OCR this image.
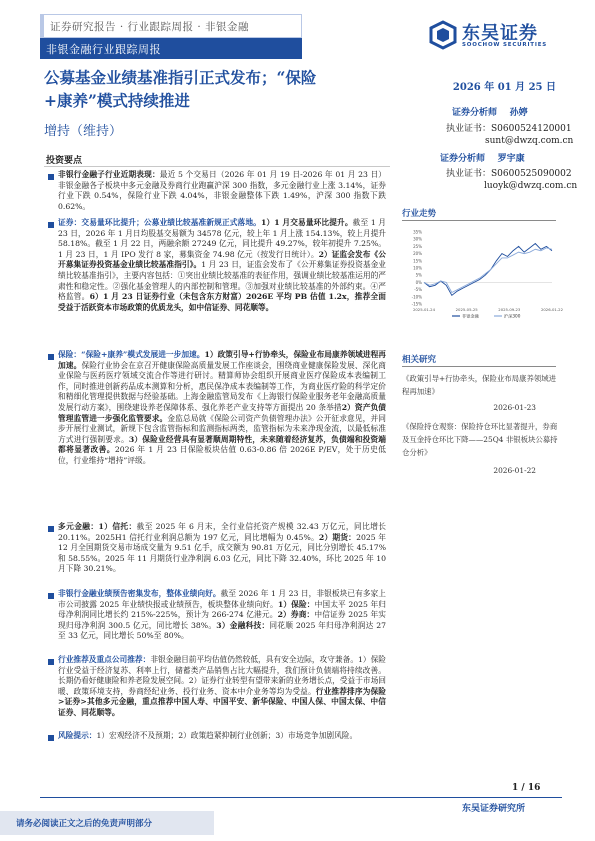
证券研究报告 · 行业跟踪周报 · 非银金融
非银金融行业跟踪周报
东吴证券
SOOCHOW SECURITIES
公募基金业绩基准指引正式发布；“保险+康养”模式持续推进
增持（维持）
2026 年 01 月 25 日
证券分析师 孙婷
执业证书：S0600524120001
sunt@dwzq.com.cn
证券分析师 罗宇康
执业证书：S0600525090002
luoyk@dwzq.com.cn
投资要点
非银行金融子行业近期表现：最近 5 个交易日（2026 年 01 月 19 日-2026 年 01 月 23 日）非银金融各子板块中多元金融及券商行业跑赢沪深 300 指数，多元金融行业上涨 3.14%，证券行业下跌 0.54%，保险行业下跌 4.04%，非银金融整体下跌 1.49%，沪深 300 指数下跌 0.62%。
证券：交易量环比提升；公募业绩比较基准新规正式落地。1）1 月交易量环比提升。截至 1 月 23 日，2026 年 1 月日均股基交易额为 34578 亿元，较上年 1 月上涨 154.13%，较上月提升 58.18%。截至 1 月 22 日，两融余额 27249 亿元，同比提升 49.27%，较年初提升 7.25%。1 月 23 日，1 月 IPO 发行 8 家，募集资金 74.98 亿元（按发行日统计）。2）证监会发布《公开募集证券投资基金业绩比较基准指引》。1 月 23 日，证监会发布了《公开募集证券投资基金业绩比较基准指引》，主要内容包括：①突出业绩比较基准的表征作用，强调业绩比较基准运用的严肃性和稳定性。②强化基金管理人的内部控制和管理。③加强对业绩比较基准的外部约束。④严格监管。6）1 月 23 日证券行业（未包含东方财富）2026E 平均 PB 估值 1.2x，推荐全面受益于活跃资本市场政策的优质龙头，如中信证券、同花顺等。
保险：“保险+康养”模式发展进一步加速。1）政策引导+行协牵头，保险业布局康养领域进程再加速。保险行业协会在京召开健康保险高质量发展工作座谈会，围绕商业健康保险发展、深化商业保险与医药医疗领域交流合作等进行研讨。精算师协会组织开展商业医疗保险成本表编制工作，同时推进创新药品成本测算和分析，惠民保净成本表编制等工作，为商业医疗险的科学定价和精细化管理提供数据与经验基础。上海金融监管局发布《上海银行保险业服务老年金融高质量发展行动方案》，围绕建设养老保障体系、强化养老产业支持等方面提出 20 条举措2）资产负债管理监管进一步强化监管要求。金监总局就《保险公司资产负债管理办法》公开征求意见，并同步开展行业测试，新规下包含监管指标和监测指标两类，监管指标为未来净现金流，以最低标准方式进行强制要求。3）保险业经营具有显著顺周期特性，未来随着经济复苏，负债端和投资端都将显著改善。2026 年 1 月 23 日保险板块估值 0.63-0.86 倍 2026E P/EV，处于历史低位，行业维持“增持”评级。
多元金融：1）信托：截至 2025 年 6 月末，全行业信托资产规模 32.43 万亿元，同比增长 20.11%。2025H1 信托行业利润总额为 197 亿元，同比增幅为 0.45%。2）期货：2025 年 12 月全国期货交易市场成交量为 9.51 亿手，成交额为 90.81 万亿元，同比分别增长 45.17%和 58.55%。2025 年 11 月期货行业净利润 6.03 亿元，同比下降 32.40%，环比 2025 年 10 月下降 30.21%。
非银行金融业绩预告密集发布，整体业绩向好。截至 2026 年 1 月 23 日，非银板块已有多家上市公司披露 2025 年业绩快报或业绩预告，板块整体业绩向好。1）保险：中国太平 2025 年归母净利润同比增长约 215%-225%，预计为 266-274 亿港元。2）券商：中信证券 2025 年实现归母净利润 300.5 亿元，同比增长 38%。3）金融科技：同花顺 2025 年归母净利润达 27 至 33 亿元，同比增长 50%至 80%。
行业推荐及重点公司推荐：非银金融目前平均估值仍然较低，具有安全边际，攻守兼备。1）保险行业受益于经济复苏、利率上行，储蓄类产品销售占比大幅提升，我们预计负债端将持续改善。长期仍看好健康险和养老险发展空间。2）证券行业转型有望带来新的业务增长点，受益于市场回暖、政策环境支持，券商经纪业务、投行业务、资本中介业务等均为受益。行业推荐排序为保险>证券>其他多元金融，重点推荐中国人寿、中国平安、新华保险、中国人保、中国太保、中信证券、同花顺等。
风险提示：1）宏观经济不及预期；2）政策趋紧抑制行业创新；3）市场竞争加剧风险。
行业走势
35%
30%
25%
20%
15%
10%
5%
0%
-5%
-10%
-15%
2025-01-24	2025-05-25	2025-09-23	2026-01-22
非银金融	沪深300
相关研究
《政策引导+行协牵头，保险业布局康养领域进程再加速》
2026-01-23
《保险持仓观察：保险持仓环比显著提升，券商及互金持仓环比下降——25Q4 非银板块公募持仓分析》
2026-01-22
1 / 16
东吴证券研究所
请务必阅读正文之后的免责声明部分
